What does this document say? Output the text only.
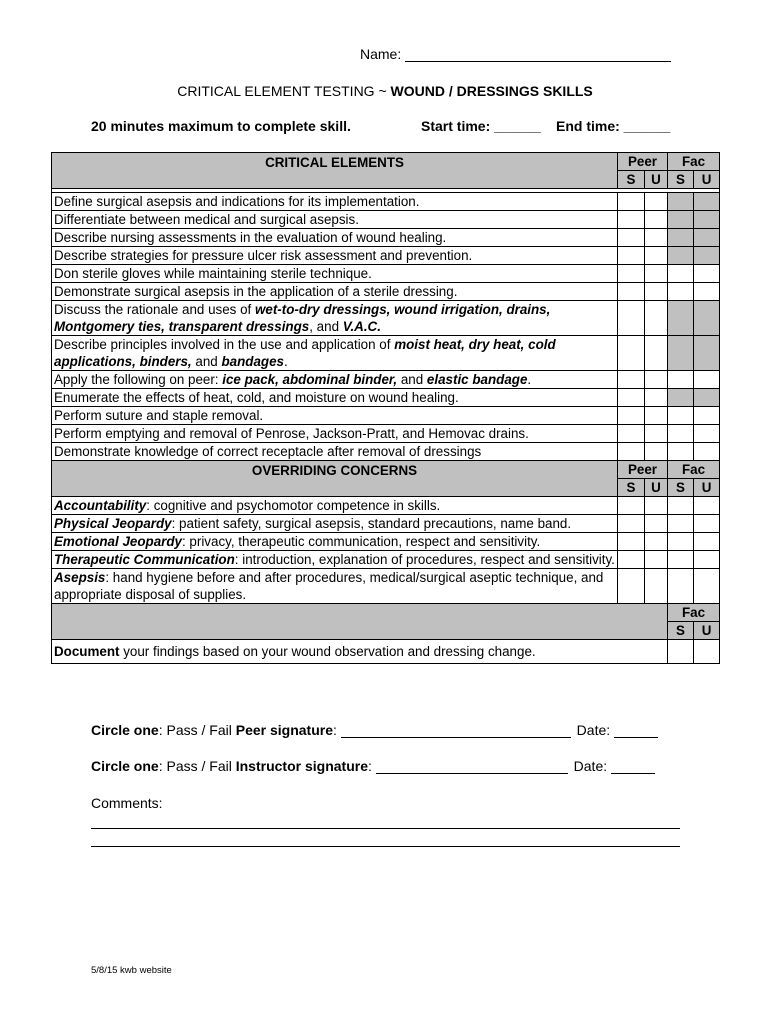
Name:
CRITICAL ELEMENT TESTING ~ WOUND / DRESSINGS SKILLS
20 minutes maximum to complete skill.	Start time: ______ End time: ______
CRITICAL ELEMENTS	Peer		Fac	
	S	U	S	U

Define surgical asepsis and indications for its implementation.				
Differentiate between medical and surgical asepsis.				
Describe nursing assessments in the evaluation of wound healing.				
Describe strategies for pressure ulcer risk assessment and prevention.				
Don sterile gloves while maintaining sterile technique.				
Demonstrate surgical asepsis in the application of a sterile dressing.				
Discuss the rationale and uses of wet-to-dry dressings, wound irrigation, drains, Montgomery ties, transparent dressings, and V.A.C.				
Describe principles involved in the use and application of moist heat, dry heat, cold applications, binders, and bandages.				
Apply the following on peer: ice pack, abdominal binder, and elastic bandage.				
Enumerate the effects of heat, cold, and moisture on wound healing.				
Perform suture and staple removal.				
Perform emptying and removal of Penrose, Jackson-Pratt, and Hemovac drains.				
Demonstrate knowledge of correct receptacle after removal of dressings				
OVERRIDING CONCERNS	Peer		Fac	
	S	U	S	U
Accountability: cognitive and psychomotor competence in skills.				
Physical Jeopardy: patient safety, surgical asepsis, standard precautions, name band.				
Emotional Jeopardy: privacy, therapeutic communication, respect and sensitivity.				
Therapeutic Communication: introduction, explanation of procedures, respect and sensitivity.				
Asepsis: hand hygiene before and after procedures, medical/surgical aseptic technique, and appropriate disposal of supplies.				
			Fac	
			S	U
Document your findings based on your wound observation and dressing change.				
Circle one: Pass / Fail Peer signature:	Date:
Circle one: Pass / Fail Instructor signature:	Date:
Comments:
5/8/15 kwb website
